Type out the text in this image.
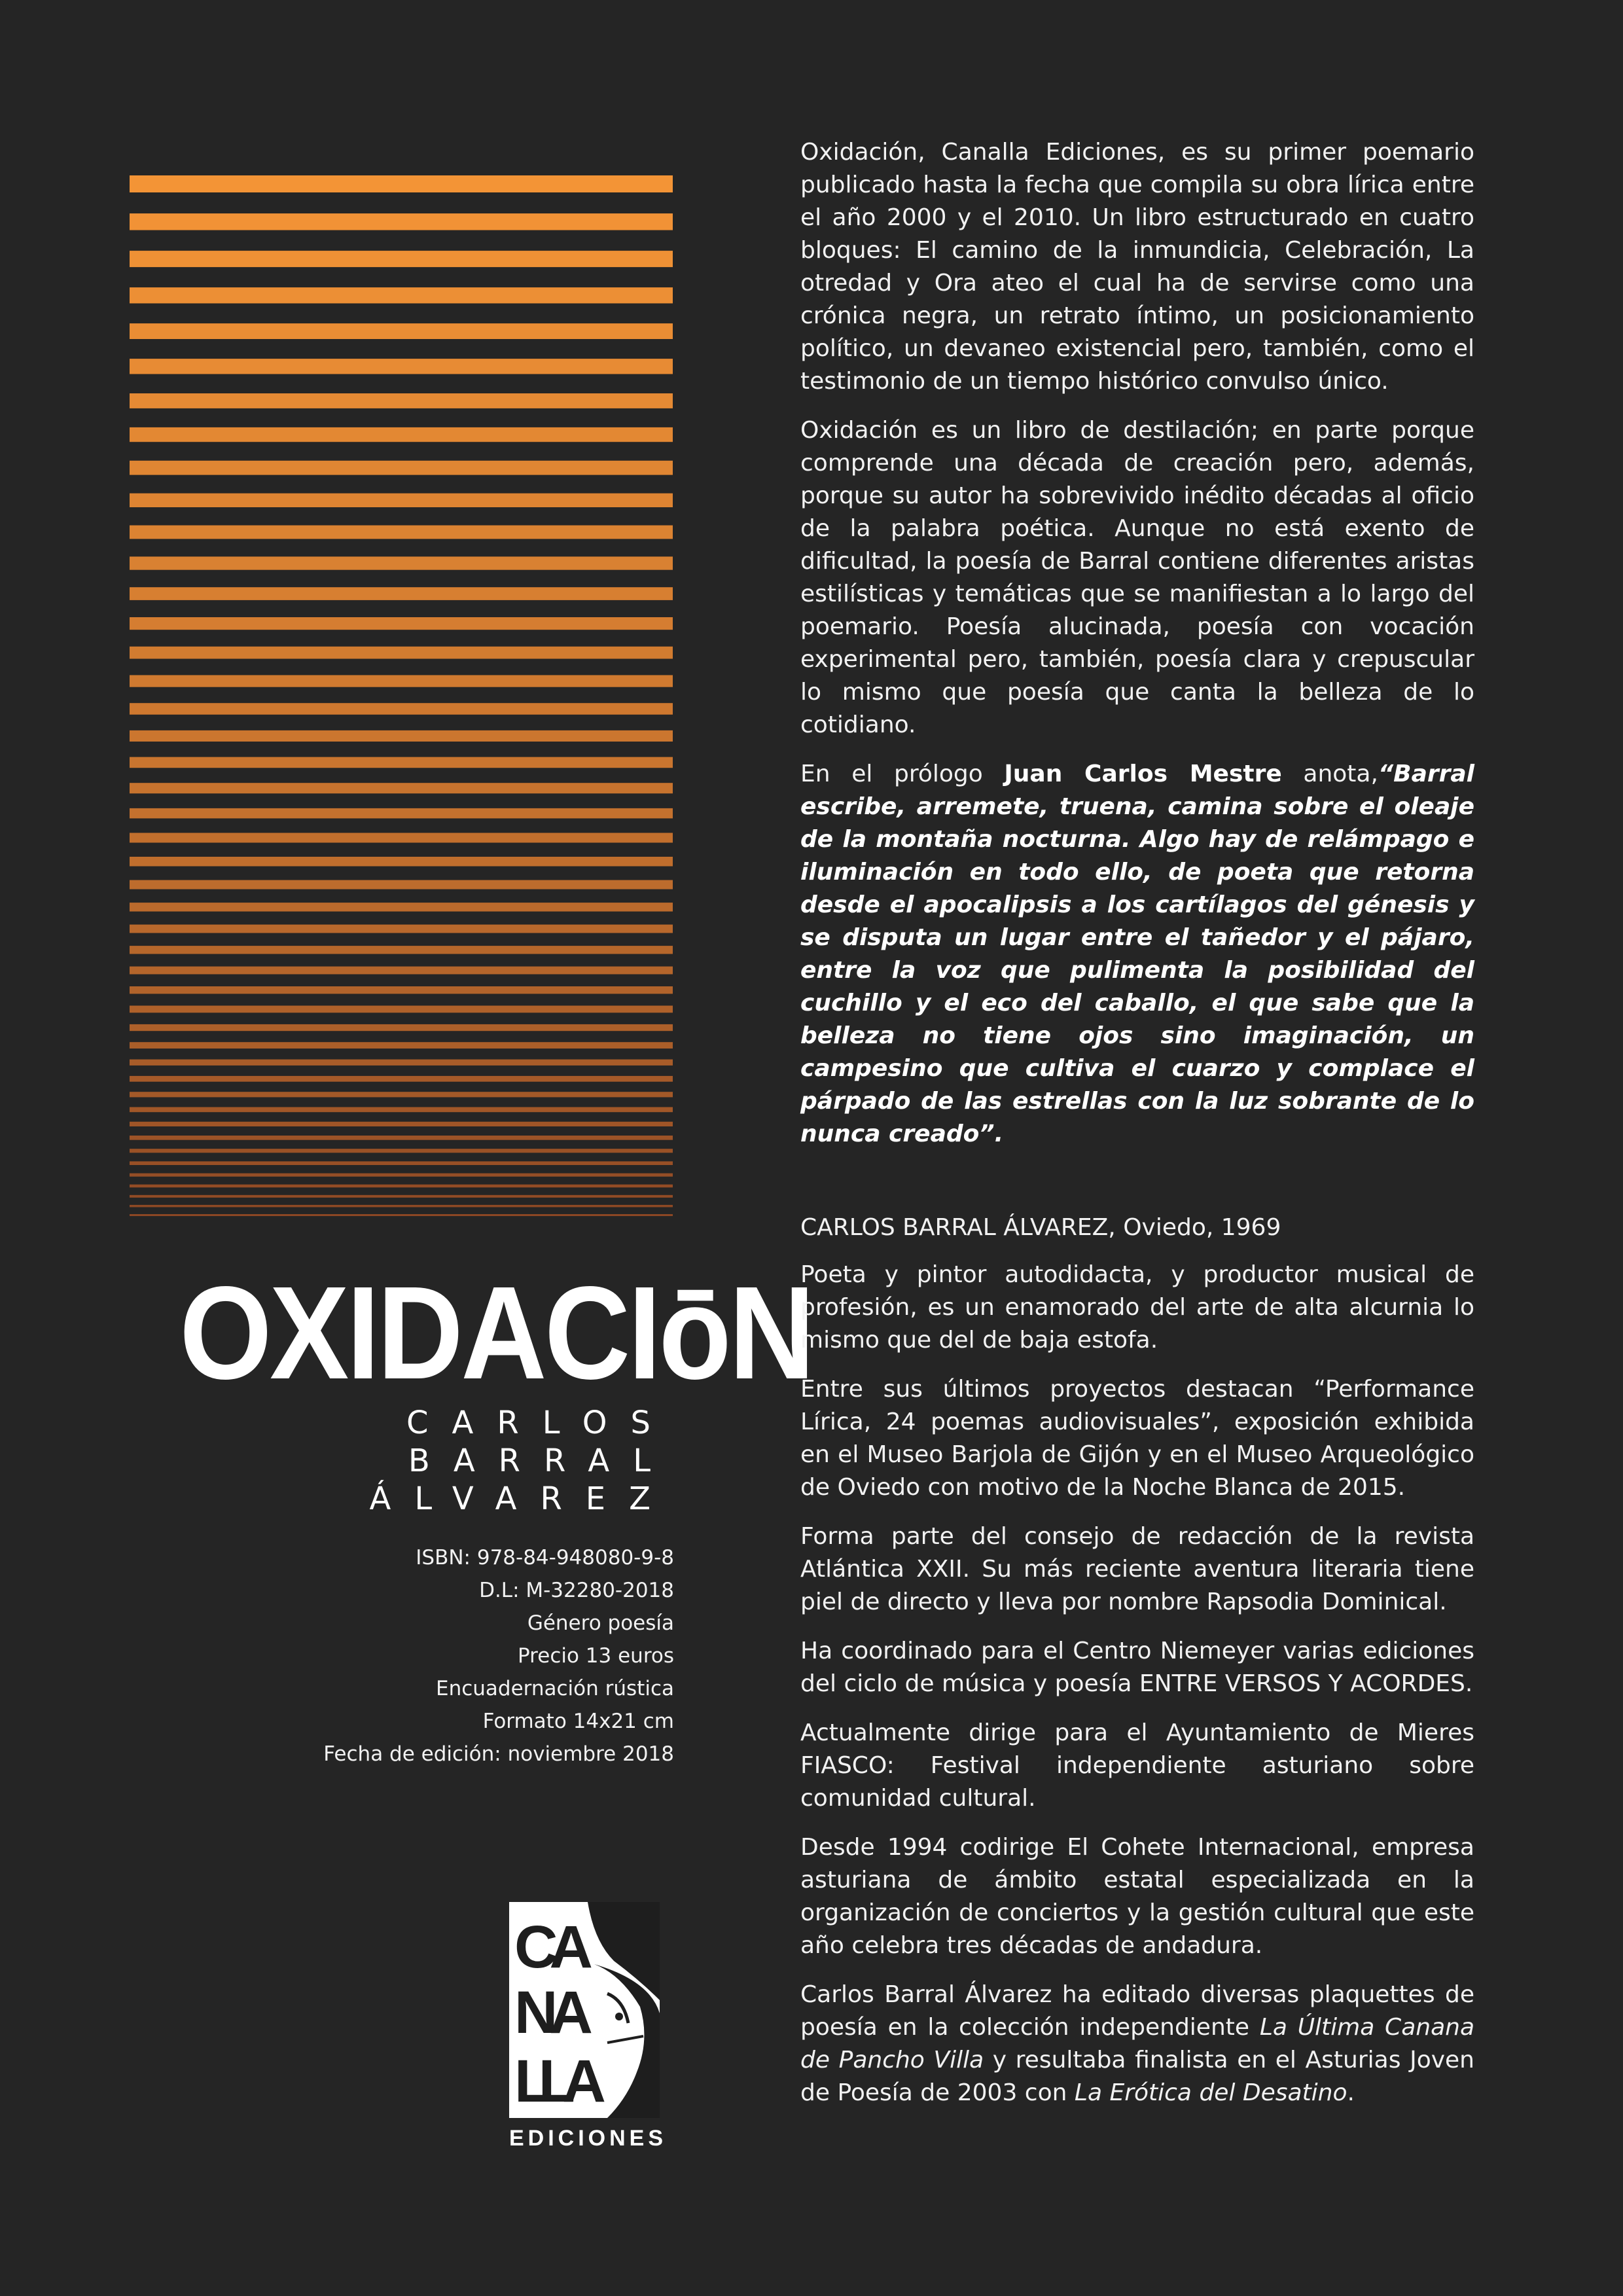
OXIDACIōN
CARLOS
BARRAL
ÁLVAREZ
ISBN: 978-84-948080-9-8
D.L: M-32280-2018
Género poesía
Precio 13 euros
Encuadernación rústica
Formato 14x21 cm
Fecha de edición: noviembre 2018
CA
NA
LLA
EDICIONES

Oxidación, Canalla Ediciones, es su primer poemario publicado hasta la fecha que compila su obra lírica entre el año 2000 y el 2010. Un libro estructurado en cuatro bloques: El camino de la inmundicia, Celebración, La otredad y Ora ateo el cual ha de servirse como una crónica negra, un retrato íntimo, un posicionamiento político, un devaneo existencial pero, también, como el testimonio de un tiempo histórico convulso único.

Oxidación es un libro de destilación; en parte porque comprende una década de creación pero, además, porque su autor ha sobrevivido inédito décadas al oficio de la palabra poética. Aunque no está exento de dificultad, la poesía de Barral contiene diferentes aristas estilísticas y temáticas que se manifiestan a lo largo del poemario. Poesía alucinada, poesía con vocación experimental pero, también, poesía clara y crepuscular lo mismo que poesía que canta la belleza de lo cotidiano.

En el prólogo Juan Carlos Mestre anota,“Barral escribe, arremete, truena, camina sobre el oleaje de la montaña nocturna. Algo hay de relámpago e iluminación en todo ello, de poeta que retorna desde el apocalipsis a los cartílagos del génesis y se disputa un lugar entre el tañedor y el pájaro, entre la voz que pulimenta la posibilidad del cuchillo y el eco del caballo, el que sabe que la belleza no tiene ojos sino imaginación, un campesino que cultiva el cuarzo y complace el párpado de las estrellas con la luz sobrante de lo nunca creado”.

CARLOS BARRAL ÁLVAREZ, Oviedo, 1969

Poeta y pintor autodidacta, y productor musical de profesión, es un enamorado del arte de alta alcurnia lo mismo que del de baja estofa.

Entre sus últimos proyectos destacan “Performance Lírica, 24 poemas audiovisuales”, exposición exhibida en el Museo Barjola de Gijón y en el Museo Arqueológico de Oviedo con motivo de la Noche Blanca de 2015.

Forma parte del consejo de redacción de la revista Atlántica XXII. Su más reciente aventura literaria tiene piel de directo y lleva por nombre Rapsodia Dominical.

Ha coordinado para el Centro Niemeyer varias ediciones del ciclo de música y poesía ENTRE VERSOS Y ACORDES.

Actualmente dirige para el Ayuntamiento de Mieres FIASCO: Festival independiente asturiano sobre comunidad cultural.

Desde 1994 codirige El Cohete Internacional, empresa asturiana de ámbito estatal especializada en la organización de conciertos y la gestión cultural que este año celebra tres décadas de andadura.

Carlos Barral Álvarez ha editado diversas plaquettes de poesía en la colección independiente La Última Canana de Pancho Villa y resultaba finalista en el Asturias Joven de Poesía de 2003 con La Erótica del Desatino.
